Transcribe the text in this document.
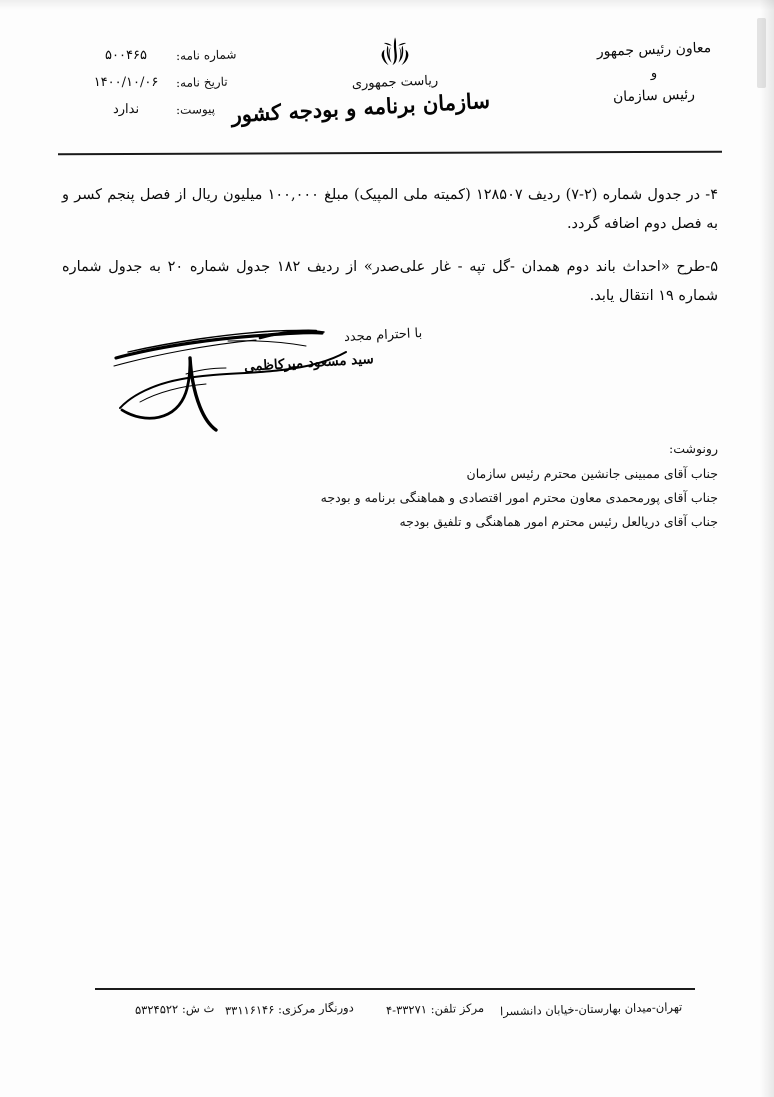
معاون رئیس جمهور
و
رئیس سازمان
ریاست جمهوری
سازمان برنامه و بودجه کشور
شماره نامه:
۵۰۰۴۶۵
تاریخ نامه:
۱۴۰۰/۱۰/۰۶
پیوست:
ندارد

۴- در جدول شماره (۲-۷) ردیف ۱۲۸۵۰۷ (کمیته ملی المپیک) مبلغ ۱۰۰,۰۰۰ میلیون ریال از فصل پنجم کسر و به فصل دوم اضافه گردد.

۵-طرح «احداث باند دوم همدان -گل تپه - غار علی‌صدر» از ردیف ۱۸۲ جدول شماره ۲۰ به جدول شماره شماره ۱۹ انتقال یابد.

با احترام مجدد
سید مسعود میرکاظمی
رونوشت:
جناب آقای ممبینی جانشین محترم رئیس سازمان
جناب آقای پورمحمدی معاون محترم امور اقتصادی و هماهنگی برنامه و بودجه
جناب آقای دریالعل رئیس محترم امور هماهنگی و تلفیق بودجه
تهران-میدان بهارستان-خیابان دانشسرا
مرکز تلفن: ۳۳۲۷۱-۴
دورنگار مرکزی: ۳۳۱۱۶۱۴۶
ث ش: ۵۳۲۴۵۲۲
